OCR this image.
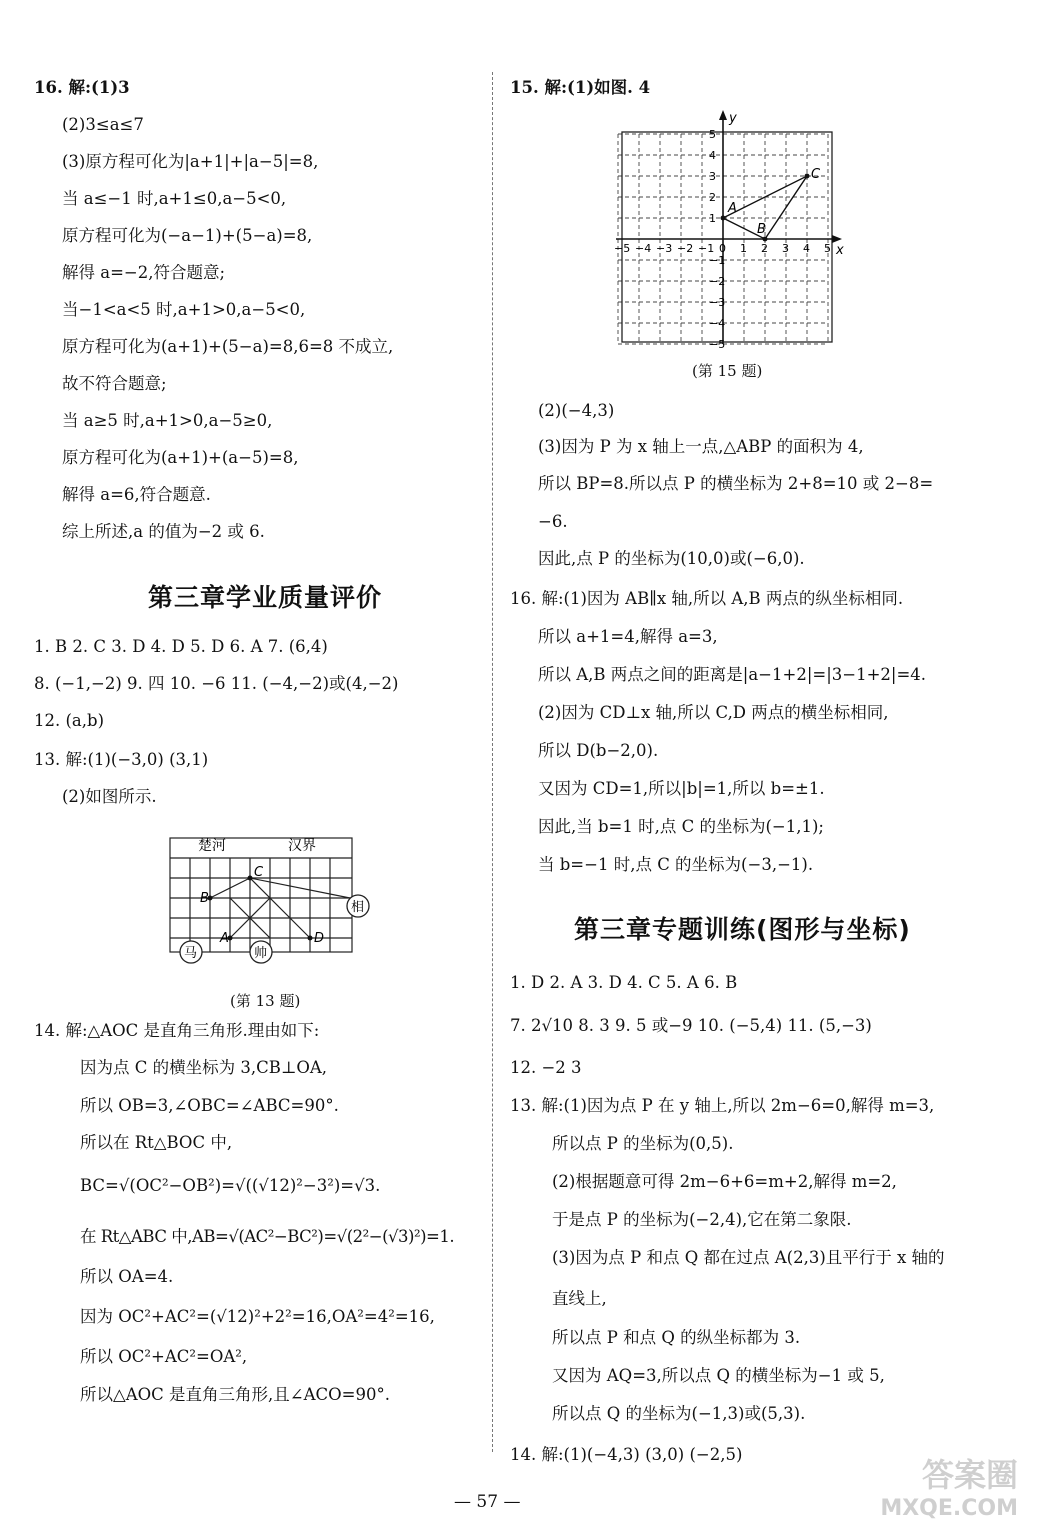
16. 解:(1)3
(2)3≤a≤7
(3)原方程可化为|a+1|+|a−5|=8,
当 a≤−1 时,a+1≤0,a−5<0,
原方程可化为(−a−1)+(5−a)=8,
解得 a=−2,符合题意;
当−1<a<5 时,a+1>0,a−5<0,
原方程可化为(a+1)+(5−a)=8,6=8 不成立,
故不符合题意;
当 a≥5 时,a+1>0,a−5≥0,
原方程可化为(a+1)+(a−5)=8,
解得 a=6,符合题意.
综上所述,a 的值为−2 或 6.
第三章学业质量评价
1. B 2. C 3. D 4. D 5. D 6. A 7. (6,4)
8. (−1,−2) 9. 四 10. −6 11. (−4,−2)或(4,−2)
12. (a,b)
13. 解:(1)(−3,0) (3,1)
(2)如图所示.
楚河	汉界
B
C
A	D
马	帅
相
(第 13 题)
14. 解:△AOC 是直角三角形.理由如下:
因为点 C 的横坐标为 3,CB⊥OA,
所以 OB=3,∠OBC=∠ABC=90°.
所以在 Rt△BOC 中,
BC=√(OC²−OB²)=√((√12)²−3²)=√3.
在 Rt△ABC 中,AB=√(AC²−BC²)=√(2²−(√3)²)=1.
所以 OA=4.
因为 OC²+AC²=(√12)²+2²=16,OA²=4²=16,
所以 OC²+AC²=OA²,
所以△AOC 是直角三角形,且∠ACO=90°.
15. 解:(1)如图. 4
x
y
−5 −4 −3 −2 −1 0 1 2 3 4 5
5
4
3
2
1
−1
−2
−3
−4
−5
A
B
C
(第 15 题)
(2)(−4,3)
(3)因为 P 为 x 轴上一点,△ABP 的面积为 4,
所以 BP=8.所以点 P 的横坐标为 2+8=10 或 2−8=
−6.
因此,点 P 的坐标为(10,0)或(−6,0).
16. 解:(1)因为 AB∥x 轴,所以 A,B 两点的纵坐标相同.
所以 a+1=4,解得 a=3,
所以 A,B 两点之间的距离是|a−1+2|=|3−1+2|=4.
(2)因为 CD⊥x 轴,所以 C,D 两点的横坐标相同,
所以 D(b−2,0).
又因为 CD=1,所以|b|=1,所以 b=±1.
因此,当 b=1 时,点 C 的坐标为(−1,1);
当 b=−1 时,点 C 的坐标为(−3,−1).
第三章专题训练(图形与坐标)
1. D 2. A 3. D 4. C 5. A 6. B
7. 2√10 8. 3 9. 5 或−9 10. (−5,4) 11. (5,−3)
12. −2 3
13. 解:(1)因为点 P 在 y 轴上,所以 2m−6=0,解得 m=3,
所以点 P 的坐标为(0,5).
(2)根据题意可得 2m−6+6=m+2,解得 m=2,
于是点 P 的坐标为(−2,4),它在第二象限.
(3)因为点 P 和点 Q 都在过点 A(2,3)且平行于 x 轴的
直线上,
所以点 P 和点 Q 的纵坐标都为 3.
又因为 AQ=3,所以点 Q 的横坐标为−1 或 5,
所以点 Q 的坐标为(−1,3)或(5,3).
14. 解:(1)(−4,3) (3,0) (−2,5)
— 57 —
答案圈
MXQE.COM
